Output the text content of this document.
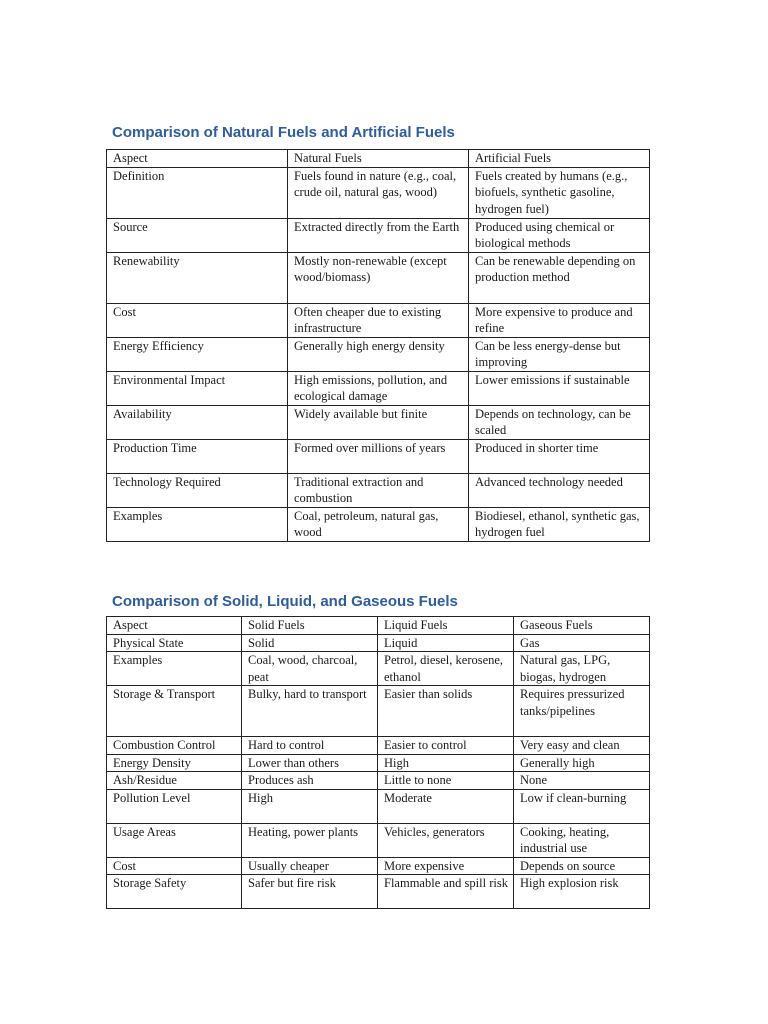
Comparison of Natural Fuels and Artificial Fuels
Aspect	Natural Fuels	Artificial Fuels
Definition	Fuels found in nature (e.g., coal, crude oil, natural gas, wood)	Fuels created by humans (e.g., biofuels, synthetic gasoline, hydrogen fuel)
Source	Extracted directly from the Earth	Produced using chemical or biological methods
Renewability	Mostly non-renewable (except wood/biomass)	Can be renewable depending on production method
Cost	Often cheaper due to existing infrastructure	More expensive to produce and refine
Energy Efficiency	Generally high energy density	Can be less energy-dense but improving
Environmental Impact	High emissions, pollution, and ecological damage	Lower emissions if sustainable
Availability	Widely available but finite	Depends on technology, can be scaled
Production Time	Formed over millions of years	Produced in shorter time
Technology Required	Traditional extraction and combustion	Advanced technology needed
Examples	Coal, petroleum, natural gas, wood	Biodiesel, ethanol, synthetic gas, hydrogen fuel
Comparison of Solid, Liquid, and Gaseous Fuels
Aspect	Solid Fuels	Liquid Fuels	Gaseous Fuels
Physical State	Solid	Liquid	Gas
Examples	Coal, wood, charcoal, peat	Petrol, diesel, kerosene, ethanol	Natural gas, LPG, biogas, hydrogen
Storage & Transport	Bulky, hard to transport	Easier than solids	Requires pressurized tanks/pipelines
Combustion Control	Hard to control	Easier to control	Very easy and clean
Energy Density	Lower than others	High	Generally high
Ash/Residue	Produces ash	Little to none	None
Pollution Level	High	Moderate	Low if clean-burning
Usage Areas	Heating, power plants	Vehicles, generators	Cooking, heating, industrial use
Cost	Usually cheaper	More expensive	Depends on source
Storage Safety	Safer but fire risk	Flammable and spill risk	High explosion risk
